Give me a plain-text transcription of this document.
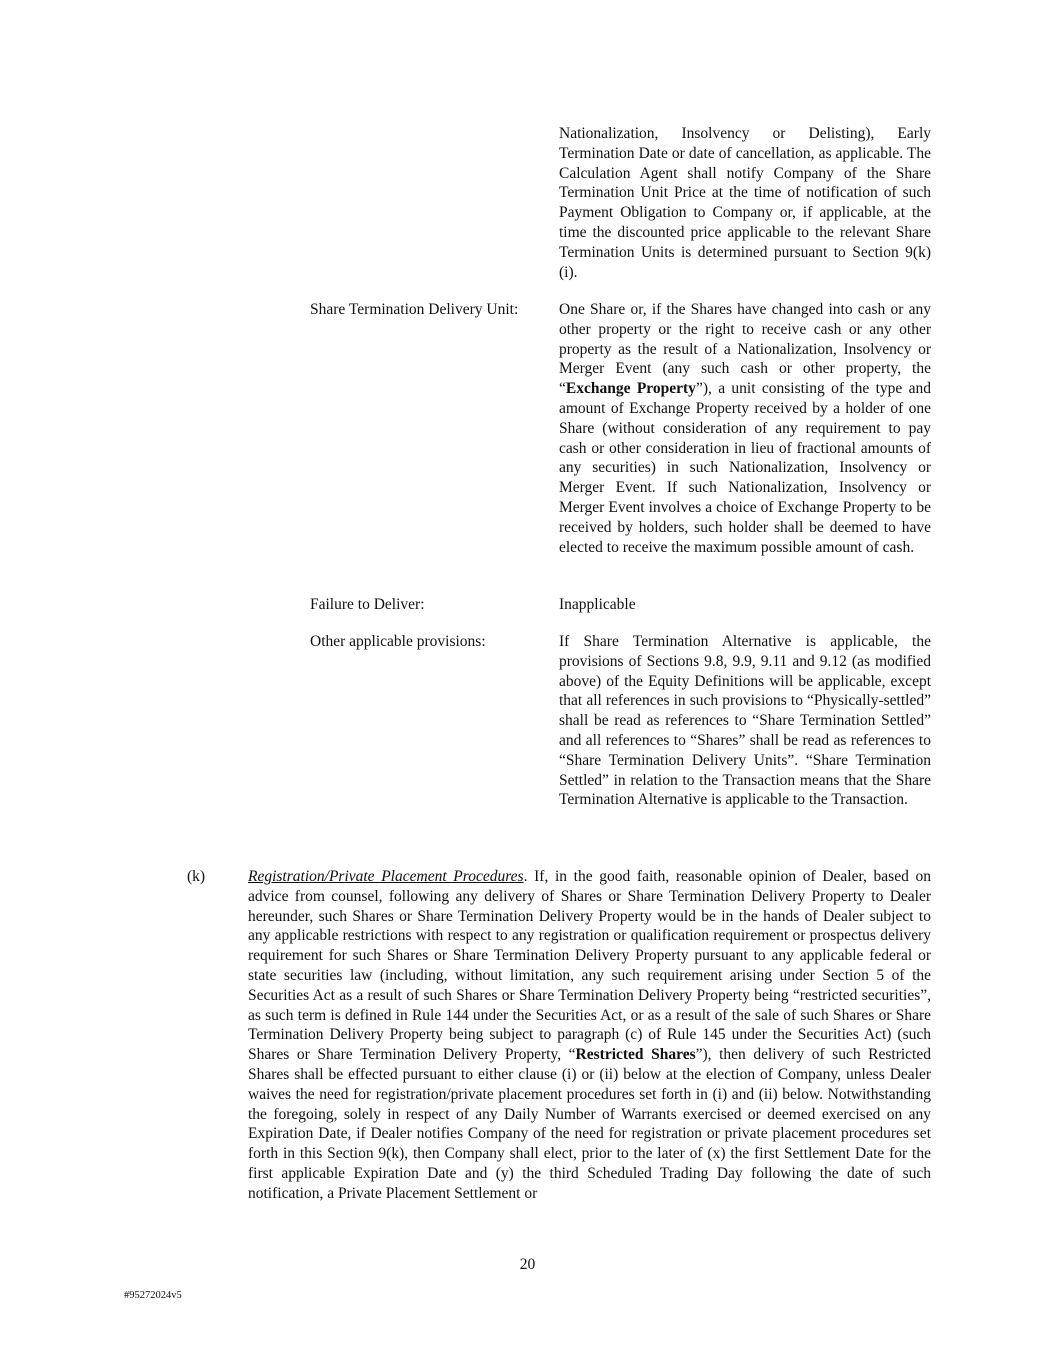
Nationalization, Insolvency or Delisting), Early Termination Date or date of cancellation, as applicable. The Calculation Agent shall notify Company of the Share Termination Unit Price at the time of notification of such Payment Obligation to Company or, if applicable, at the time the discounted price applicable to the relevant Share Termination Units is determined pursuant to Section 9(k)(i).
Share Termination Delivery Unit:	One Share or, if the Shares have changed into cash or any other property or the right to receive cash or any other property as the result of a Nationalization, Insolvency or Merger Event (any such cash or other property, the “Exchange Property”), a unit consisting of the type and amount of Exchange Property received by a holder of one Share (without consideration of any requirement to pay cash or other consideration in lieu of fractional amounts of any securities) in such Nationalization, Insolvency or Merger Event. If such Nationalization, Insolvency or Merger Event involves a choice of Exchange Property to be received by holders, such holder shall be deemed to have elected to receive the maximum possible amount of cash.
Failure to Deliver:	Inapplicable
Other applicable provisions:	If Share Termination Alternative is applicable, the provisions of Sections 9.8, 9.9, 9.11 and 9.12 (as modified above) of the Equity Definitions will be applicable, except that all references in such provisions to “Physically-settled” shall be read as references to “Share Termination Settled” and all references to “Shares” shall be read as references to “Share Termination Delivery Units”. “Share Termination Settled” in relation to the Transaction means that the Share Termination Alternative is applicable to the Transaction.
(k)	Registration/Private Placement Procedures. If, in the good faith, reasonable opinion of Dealer, based on advice from counsel, following any delivery of Shares or Share Termination Delivery Property to Dealer hereunder, such Shares or Share Termination Delivery Property would be in the hands of Dealer subject to any applicable restrictions with respect to any registration or qualification requirement or prospectus delivery requirement for such Shares or Share Termination Delivery Property pursuant to any applicable federal or state securities law (including, without limitation, any such requirement arising under Section 5 of the Securities Act as a result of such Shares or Share Termination Delivery Property being “restricted securities”, as such term is defined in Rule 144 under the Securities Act, or as a result of the sale of such Shares or Share Termination Delivery Property being subject to paragraph (c) of Rule 145 under the Securities Act) (such Shares or Share Termination Delivery Property, “Restricted Shares”), then delivery of such Restricted Shares shall be effected pursuant to either clause (i) or (ii) below at the election of Company, unless Dealer waives the need for registration/private placement procedures set forth in (i) and (ii) below. Notwithstanding the foregoing, solely in respect of any Daily Number of Warrants exercised or deemed exercised on any Expiration Date, if Dealer notifies Company of the need for registration or private placement procedures set forth in this Section 9(k), then Company shall elect, prior to the later of (x) the first Settlement Date for the first applicable Expiration Date and (y) the third Scheduled Trading Day following the date of such notification, a Private Placement Settlement or
20
#95272024v5
